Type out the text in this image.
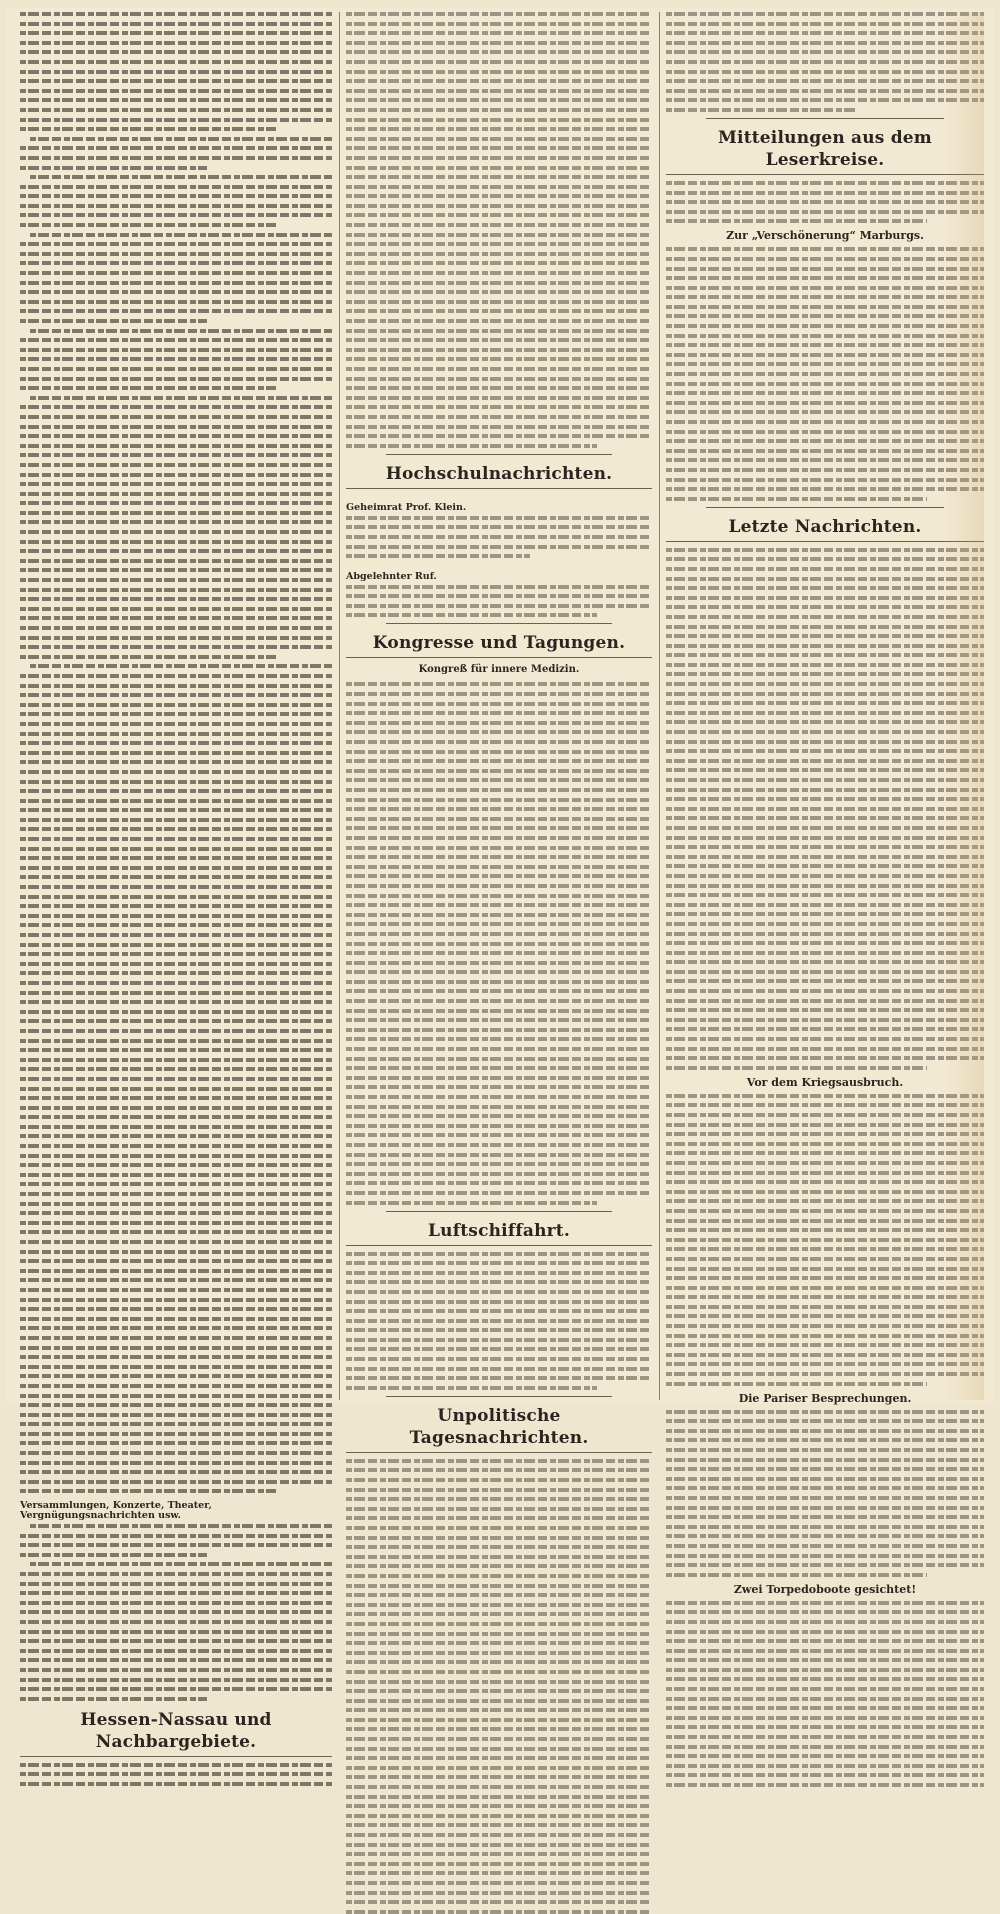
Versammlungen, Konzerte, Theater, Vergnügungsnachrichten usw.
Hessen-Nassau und Nachbargebiete.
Hochschulnachrichten.
Geheimrat Prof. Klein.
Abgelehnter Ruf.
Kongresse und Tagungen.
Kongreß für innere Medizin.
Luftschiffahrt.
Unpolitische Tagesnachrichten.
Mitteilungen aus dem Leserkreise.
Zur „Verschönerung“ Marburgs.
Letzte Nachrichten.
Vor dem Kriegsausbruch.
Die Pariser Besprechungen.
Zwei Torpedoboote gesichtet!
